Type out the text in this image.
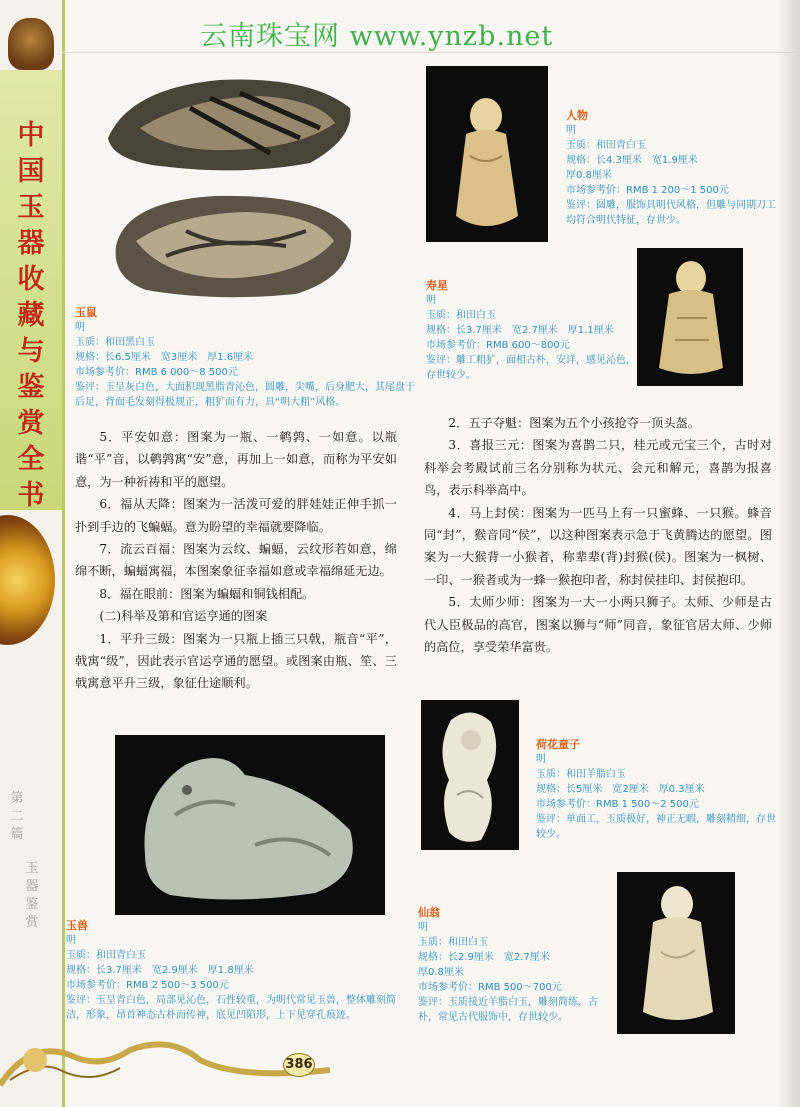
中
国
玉
器
收
藏
与
鉴
赏
全
书
第
二
篇
玉
器
鉴
赏
云南珠宝网 www.ynzb.net
玉鼠
明
玉质：和田黑白玉
规格：长6.5厘米　宽3厘米　厚1.6厘米
市场参考价：RMB 6 000～8 500元
鉴评：玉呈灰白色，大面积现黑脂青沁色，圆雕，尖嘴，后身肥大，其尾盘于后足，背面毛发刻得极规正，粗犷而有力，具“明大粗”风格。
人物
明
玉质：和田青白玉
规格：长4.3厘米　宽1.9厘米
厚0.8厘米
市场参考价：RMB 1 200～1 500元
鉴评：圆雕，服饰具明代风格，但雕与同期刀工均符合明代特征，存世少。
寿星
明
玉质：和田白玉
规格：长3.7厘米　宽2.7厘米　厚1.1厘米
市场参考价：RMB 600～800元
鉴评：雕工粗犷，面相古朴，安详，感见沁色，存世较少。

5．平安如意：图案为一瓶、一鹌鹑、一如意。以瓶谐“平”音，以鹌鹑寓“安”意，再加上一如意，而称为平安如意，为一种祈祷和平的愿望。

6．福从天降：图案为一活泼可爱的胖娃娃正伸手抓一扑到手边的飞蝙蝠。意为盼望的幸福就要降临。

7．流云百福：图案为云纹、蝙蝠，云纹形若如意，绵绵不断，蝙蝠寓福，本图案象征幸福如意或幸福绵延无边。

8．福在眼前：图案为蝙蝠和铜钱相配。

(二)科举及第和官运亨通的图案

1．平升三级：图案为一只瓶上插三只戟，瓶音“平”，戟寓“级”，因此表示官运亨通的愿望。或图案由瓶、笙、三戟寓意平升三级，象征仕途顺利。

2．五子夺魁：图案为五个小孩抢夺一顶头盔。

3．喜报三元：图案为喜鹊二只，桂元或元宝三个，古时对科举会考殿试前三名分别称为状元、会元和解元，喜鹊为报喜鸟，表示科举高中。

4．马上封侯：图案为一匹马上有一只蜜蜂、一只猴。蜂音同“封”，猴音同“侯”，以这种图案表示急于飞黄腾达的愿望。图案为一大猴背一小猴者，称辈辈(背)封猴(侯)。图案为一枫树、一印、一猴者或为一蜂一猴抱印者，称封侯挂印、封侯抱印。

5．太师少师：图案为一大一小两只狮子。太师、少师是古代人臣极品的高官，图案以狮与“师”同音，象征官居太师、少师的高位，享受荣华富贵。

玉兽
明
玉质：和田青白玉
规格：长3.7厘米　宽2.9厘米　厚1.8厘米
市场参考价：RMB 2 500～3 500元
鉴评：玉呈青白色，局部见沁色，石性较重，为明代常见玉兽，整体雕刻简洁，形象，昂首神态古朴而传神，底见凹陷形，上下见穿孔痕迹。
荷花童子
明
玉质：和田羊脂白玉
规格：长5厘米　宽2厘米　厚0.3厘米
市场参考价：RMB 1 500～2 500元
鉴评：单面工，玉质极好，神正无暇，雕刻精细，存世较少。
仙翁
明
玉质：和田白玉
规格：长2.9厘米　宽2.7厘米
厚0.8厘米
市场参考价：RMB 500～700元
鉴评：玉质接近羊脂白玉，雕刻简练，古朴，常见古代服饰中，存世较少。
386
